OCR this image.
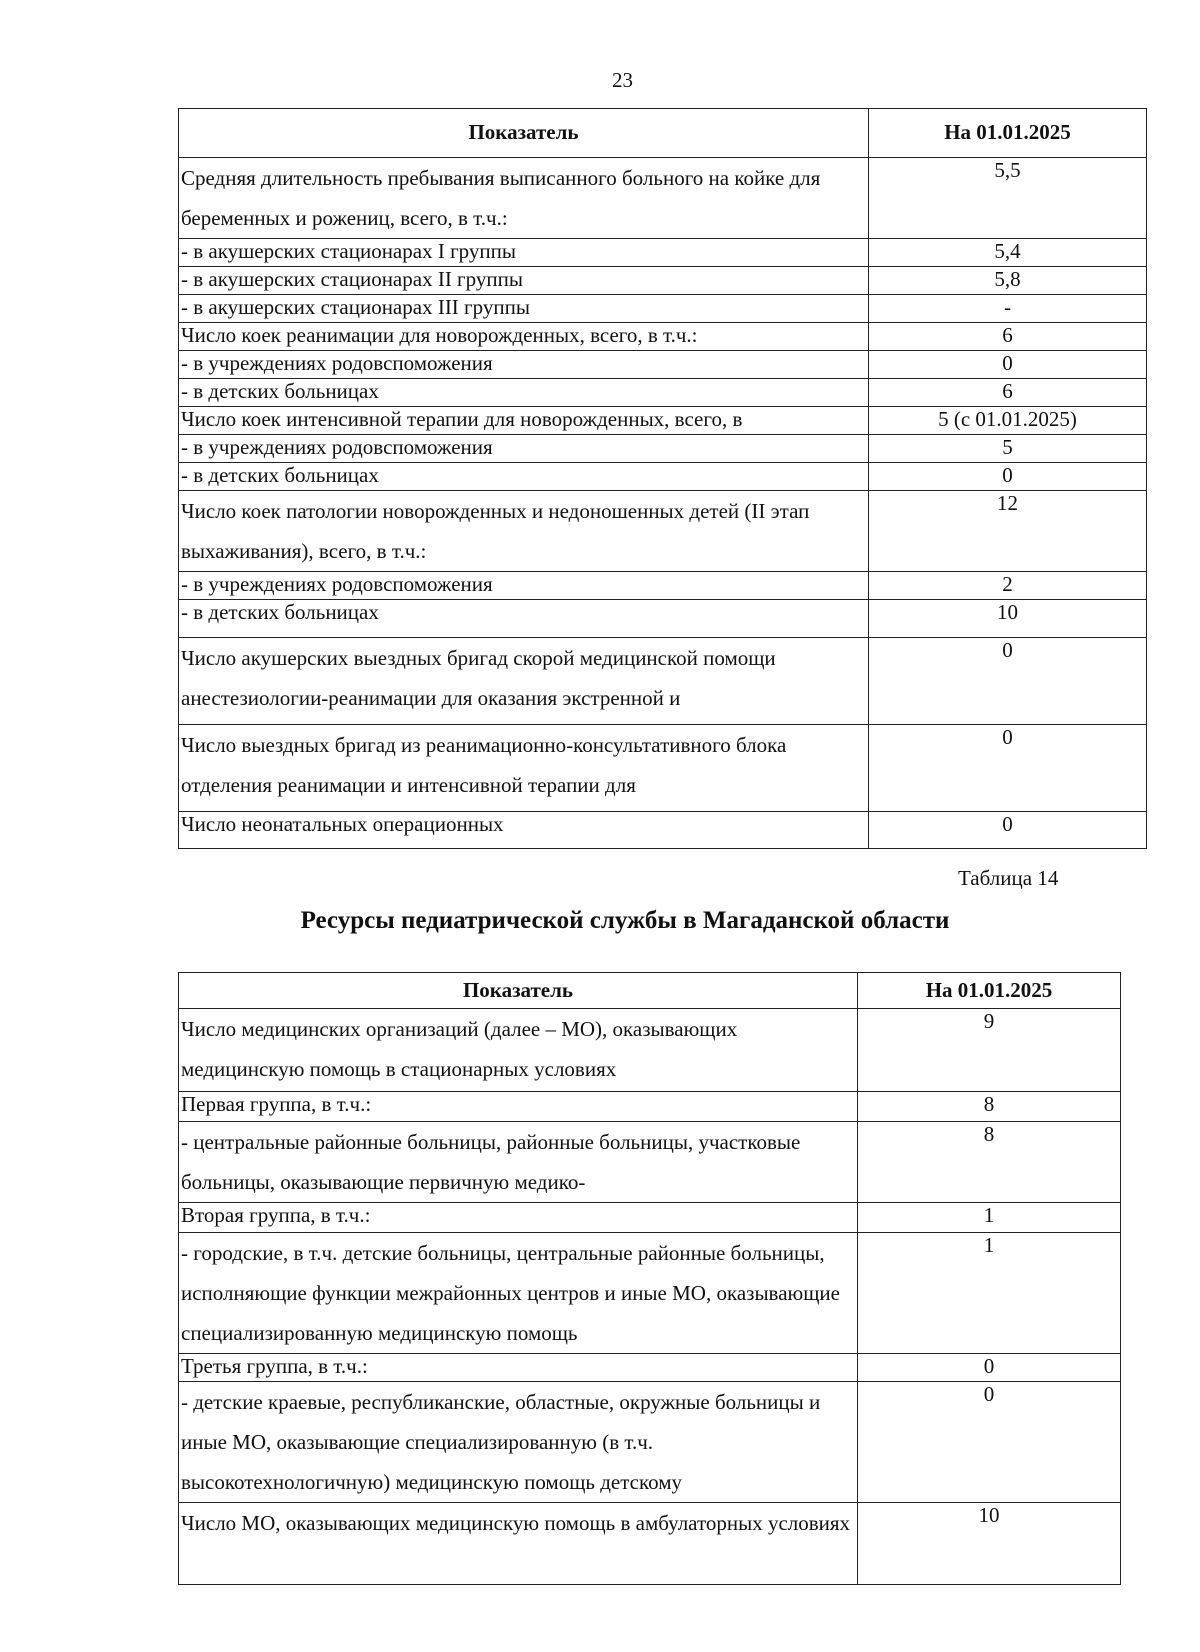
23
Показатель	На 01.01.2025
Средняя длительность пребывания выписанного больного на койке для беременных и рожениц, всего, в т.ч.:	5,5
- в акушерских стационарах I группы	5,4
- в акушерских стационарах II группы	5,8
- в акушерских стационарах III группы	-
Число коек реанимации для новорожденных, всего, в т.ч.:	6
- в учреждениях родовспоможения	0
- в детских больницах	6
Число коек интенсивной терапии для новорожденных, всего, в	5 (с 01.01.2025)
- в учреждениях родовспоможения	5
- в детских больницах	0
Число коек патологии новорожденных и недоношенных детей (II этап выхаживания), всего, в т.ч.:	12
- в учреждениях родовспоможения	2
- в детских больницах	10
Число акушерских выездных бригад скорой медицинской помощи анестезиологии-реанимации для оказания экстренной и	0
Число выездных бригад из реанимационно-консультативного блока отделения реанимации и интенсивной терапии для	0
Число неонатальных операционных	0
Таблица 14
Ресурсы педиатрической службы в Магаданской области
Показатель	На 01.01.2025
Число медицинских организаций (далее – МО), оказывающих медицинскую помощь в стационарных условиях	9
Первая группа, в т.ч.:	8
- центральные районные больницы, районные больницы, участковые больницы, оказывающие первичную медико-	8
Вторая группа, в т.ч.:	1
- городские, в т.ч. детские больницы, центральные районные больницы, исполняющие функции межрайонных центров и иные МО, оказывающие специализированную медицинскую помощь	1
Третья группа, в т.ч.:	0
- детские краевые, республиканские, областные, окружные больницы и иные МО, оказывающие специализированную (в т.ч. высокотехнологичную) медицинскую помощь детскому	0
Число МО, оказывающих медицинскую помощь в амбулаторных условиях	10
